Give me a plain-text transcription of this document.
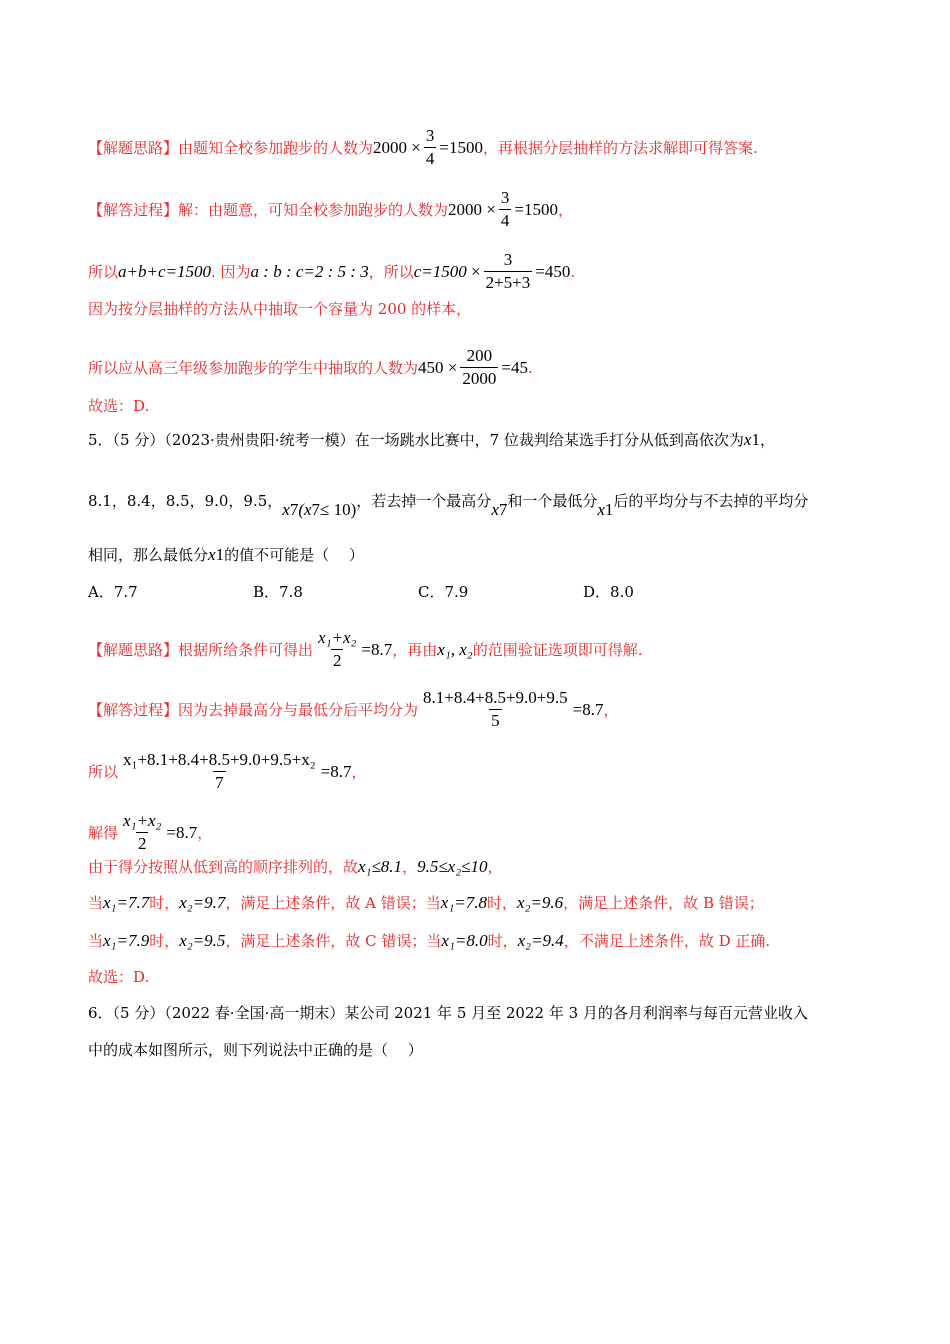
【解题思路】 由题知全校参加跑步的人数为 $2000 \times \frac{3}{4} =1500$ ，再根据分层抽样的方法求解即可得答案.
【解答过程】 解：由题意，可知全校参加跑步的人数为 $2000 \times \frac{3}{4} =1500$ ，
所以 a+b+c=1500 . 因为 a : b : c=2 : 5 : 3 ，所以 $c=1500 \times \frac{3}{2+5+3} =450$ .
因为按分层抽样的方法从中抽取一个容量为 200 的样本，
所以应从高三年级参加跑步的学生中抽取的人数为 $450 \times \frac{200}{2000} =45$ .
故选：D.
5．（5 分）（2023·贵州贵阳·统考一模）在一场跳水比赛中，7 位裁判给某选手打分从低到高依次为 x 1 ，
8.1，8.4，8.5，9.0，9.5， x 7 (x 7 ≤ 10) ，若去掉一个最高分 x 7 和一个最低分 x 1 后的平均分与不去掉的平均分
相同，那么最低分 x 1 的值不可能是（　 ）
A．7.7	B．7.8	C．7.9	D．8.0
【解题思路】 根据所给条件可得出 $\frac{\text{x₁+x₂}}{2} =8.7$ ，再由 x₁, x₂ 的范围验证选项即可得解.
【解答过程】 因为去掉最高分与最低分后平均分为 $\frac{8.1+8.4+8.5+9.0+9.5}{5} =8.7$ ，
所以 $\frac{\text{x₁+8.1+8.4+8.5+9.0+9.5+x₂}}{7} =8.7$ ，
解得 $\frac{\text{x₁+x₂}}{2} =8.7$ ，
由于得分按照从低到高的顺序排列的，故 x₁≤8.1 ， 9.5≤x₂≤10 ，
当 x₁=7.7 时， x₂=9.7 ，满足上述条件，故 A 错误；当 x₁=7.8 时， x₂=9.6 ，满足上述条件，故 B 错误；
当 x₁=7.9 时， x₂=9.5 ，满足上述条件，故 C 错误；当 x₁=8.0 时， x₂=9.4 ，不满足上述条件，故 D 正确.
故选：D.
6．（5 分）（2022 春·全国·高一期末）某公司 2021 年 5 月至 2022 年 3 月的各月利润率与每百元营业收入
中的成本如图所示，则下列说法中正确的是（　 ）
